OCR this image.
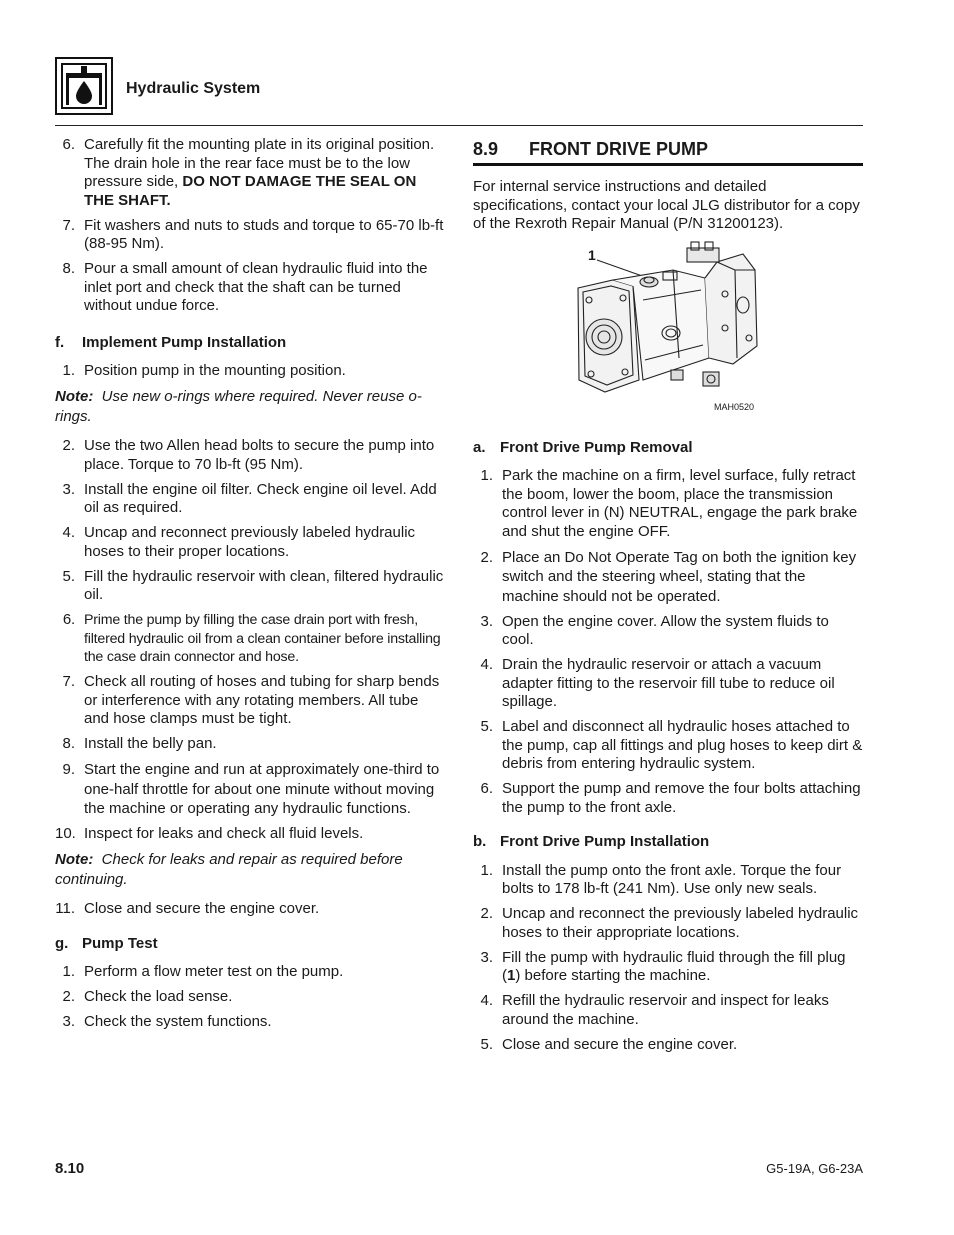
Hydraulic System
6. Carefully fit the mounting plate in its original position. The drain hole in the rear face must be to the low pressure side, DO NOT DAMAGE THE SEAL ON THE SHAFT.
7. Fit washers and nuts to studs and torque to 65-70 lb-ft (88-95 Nm).
8. Pour a small amount of clean hydraulic fluid into the inlet port and check that the shaft can be turned without undue force.
f. Implement Pump Installation
1. Position pump in the mounting position.
Note: Use new o-rings where required. Never reuse o-rings.
2. Use the two Allen head bolts to secure the pump into place. Torque to 70 lb-ft (95 Nm).
3. Install the engine oil filter. Check engine oil level. Add oil as required.
4. Uncap and reconnect previously labeled hydraulic hoses to their proper locations.
5. Fill the hydraulic reservoir with clean, filtered hydraulic oil.
6. Prime the pump by filling the case drain port with fresh, filtered hydraulic oil from a clean container before installing the case drain connector and hose.
7. Check all routing of hoses and tubing for sharp bends or interference with any rotating members. All tube and hose clamps must be tight.
8. Install the belly pan.
9. Start the engine and run at approximately one-third to one-half throttle for about one minute without moving the machine or operating any hydraulic functions.
10. Inspect for leaks and check all fluid levels.
Note: Check for leaks and repair as required before continuing.
11. Close and secure the engine cover.
g. Pump Test
1. Perform a flow meter test on the pump.
2. Check the load sense.
3. Check the system functions.
8.9	FRONT DRIVE PUMP

For internal service instructions and detailed specifications, contact your local JLG distributor for a copy of the Rexroth Repair Manual (P/N 31200123).

1
MAH0520
a. Front Drive Pump Removal
1. Park the machine on a firm, level surface, fully retract the boom, lower the boom, place the transmission control lever in (N) NEUTRAL, engage the park brake and shut the engine OFF.
2. Place an Do Not Operate Tag on both the ignition key switch and the steering wheel, stating that the machine should not be operated.
3. Open the engine cover. Allow the system fluids to cool.
4. Drain the hydraulic reservoir or attach a vacuum adapter fitting to the reservoir fill tube to reduce oil spillage.
5. Label and disconnect all hydraulic hoses attached to the pump, cap all fittings and plug hoses to keep dirt & debris from entering hydraulic system.
6. Support the pump and remove the four bolts attaching the pump to the front axle.
b. Front Drive Pump Installation
1. Install the pump onto the front axle. Torque the four bolts to 178 lb-ft (241 Nm). Use only new seals.
2. Uncap and reconnect the previously labeled hydraulic hoses to their appropriate locations.
3. Fill the pump with hydraulic fluid through the fill plug (1) before starting the machine.
4. Refill the hydraulic reservoir and inspect for leaks around the machine.
5. Close and secure the engine cover.
8.10	G5-19A, G6-23A
